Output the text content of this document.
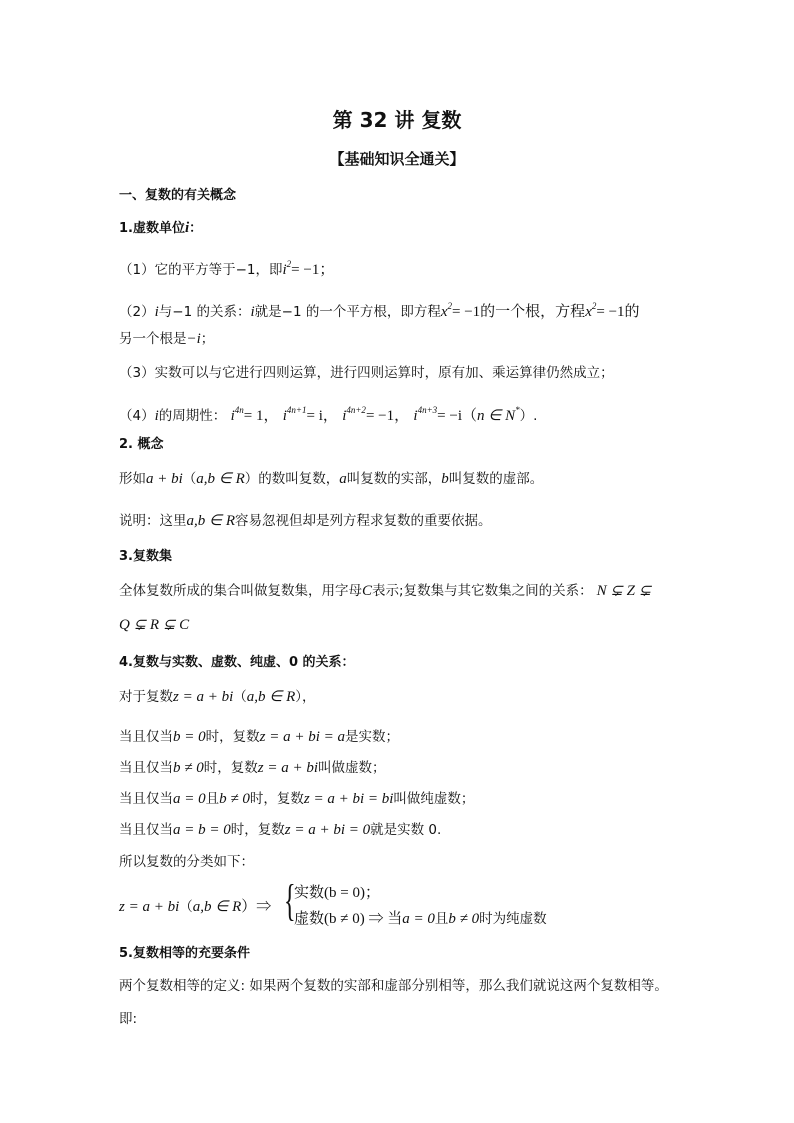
第 32 讲 复数
【基础知识全通关】
一、复数的有关概念
1.虚数单位i：
（1）它的平方等于−1，即$i^2= -1$；
（2）i与−1 的关系：i就是−1 的一个平方根，即方程$x^2= -1$的一个根，方程$x^2= -1$的
另一个根是−i；
（3）实数可以与它进行四则运算，进行四则运算时，原有加、乘运算律仍然成立；
（4）i的周期性： $i^{4n}= 1$， $i^{4n+1}= i$， $i^{4n+2}= -1$， $i^{4n+3}= -i(n$ ∈ N*）.
2. 概念
形如a + bi（a,b ∈ R）的数叫复数，a叫复数的实部，b叫复数的虚部。
说明：这里a,b ∈ R容易忽视但却是列方程求复数的重要依据。
3.复数集
全体复数所成的集合叫做复数集，用字母C表示;复数集与其它数集之间的关系： N ⊊ Z ⊊
Q ⊊ R ⊊ C
4.复数与实数、虚数、纯虚、0 的关系：
对于复数z = a + bi（a,b ∈ R），
当且仅当b = 0时，复数z = a + bi = a是实数；
当且仅当b ≠ 0时，复数z = a + bi叫做虚数；
当且仅当a = 0且b ≠ 0时，复数z = a + bi = bi叫做纯虚数；
当且仅当a = b = 0时，复数z = a + bi = 0就是实数 0.
所以复数的分类如下：
z = a + bi（a,b ∈ R）⇒ {
实数(b = 0)；
虚数(b ≠ 0) ⇒ 当a = 0且b ≠ 0时为纯虚数
5.复数相等的充要条件
两个复数相等的定义: 如果两个复数的实部和虚部分别相等，那么我们就说这两个复数相等。
即:
